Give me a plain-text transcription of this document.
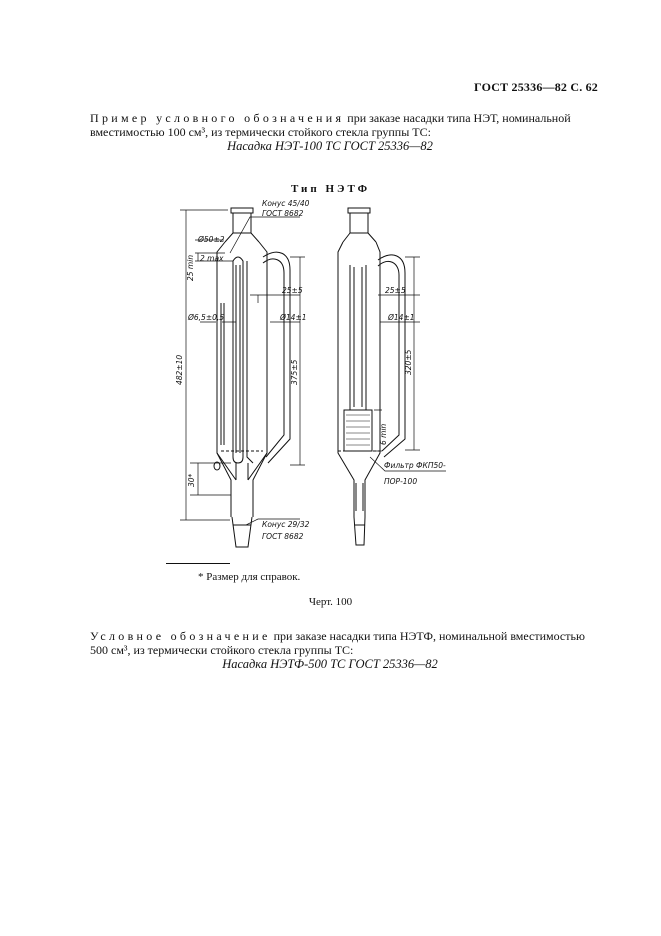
ГОСТ 25336—82 С. 62
Пример условного обозначения при заказе насадки типа НЭТ, номинальной вместимостью 100 см³, из термически стойкого стекла группы ТС:
Насадка НЭТ-100 ТС ГОСТ 25336—82
Тип НЭТФ
Конус 45/40
ГОСТ 8682
Ø50±2
25 min 2 max
Ø6,5±0,5
25±5
Ø14±1
482±10	375±5
30*
Конус 29/32
ГОСТ 8682
25±5
Ø14±1
320±5
6 min
Фильтр ФКП50-
ПОР-100
* Размер для справок.
Черт. 100
Условное обозначение при заказе насадки типа НЭТФ, номинальной вместимостью 500 см³, из термически стойкого стекла группы ТС:
Насадка НЭТФ-500 ТС ГОСТ 25336—82
